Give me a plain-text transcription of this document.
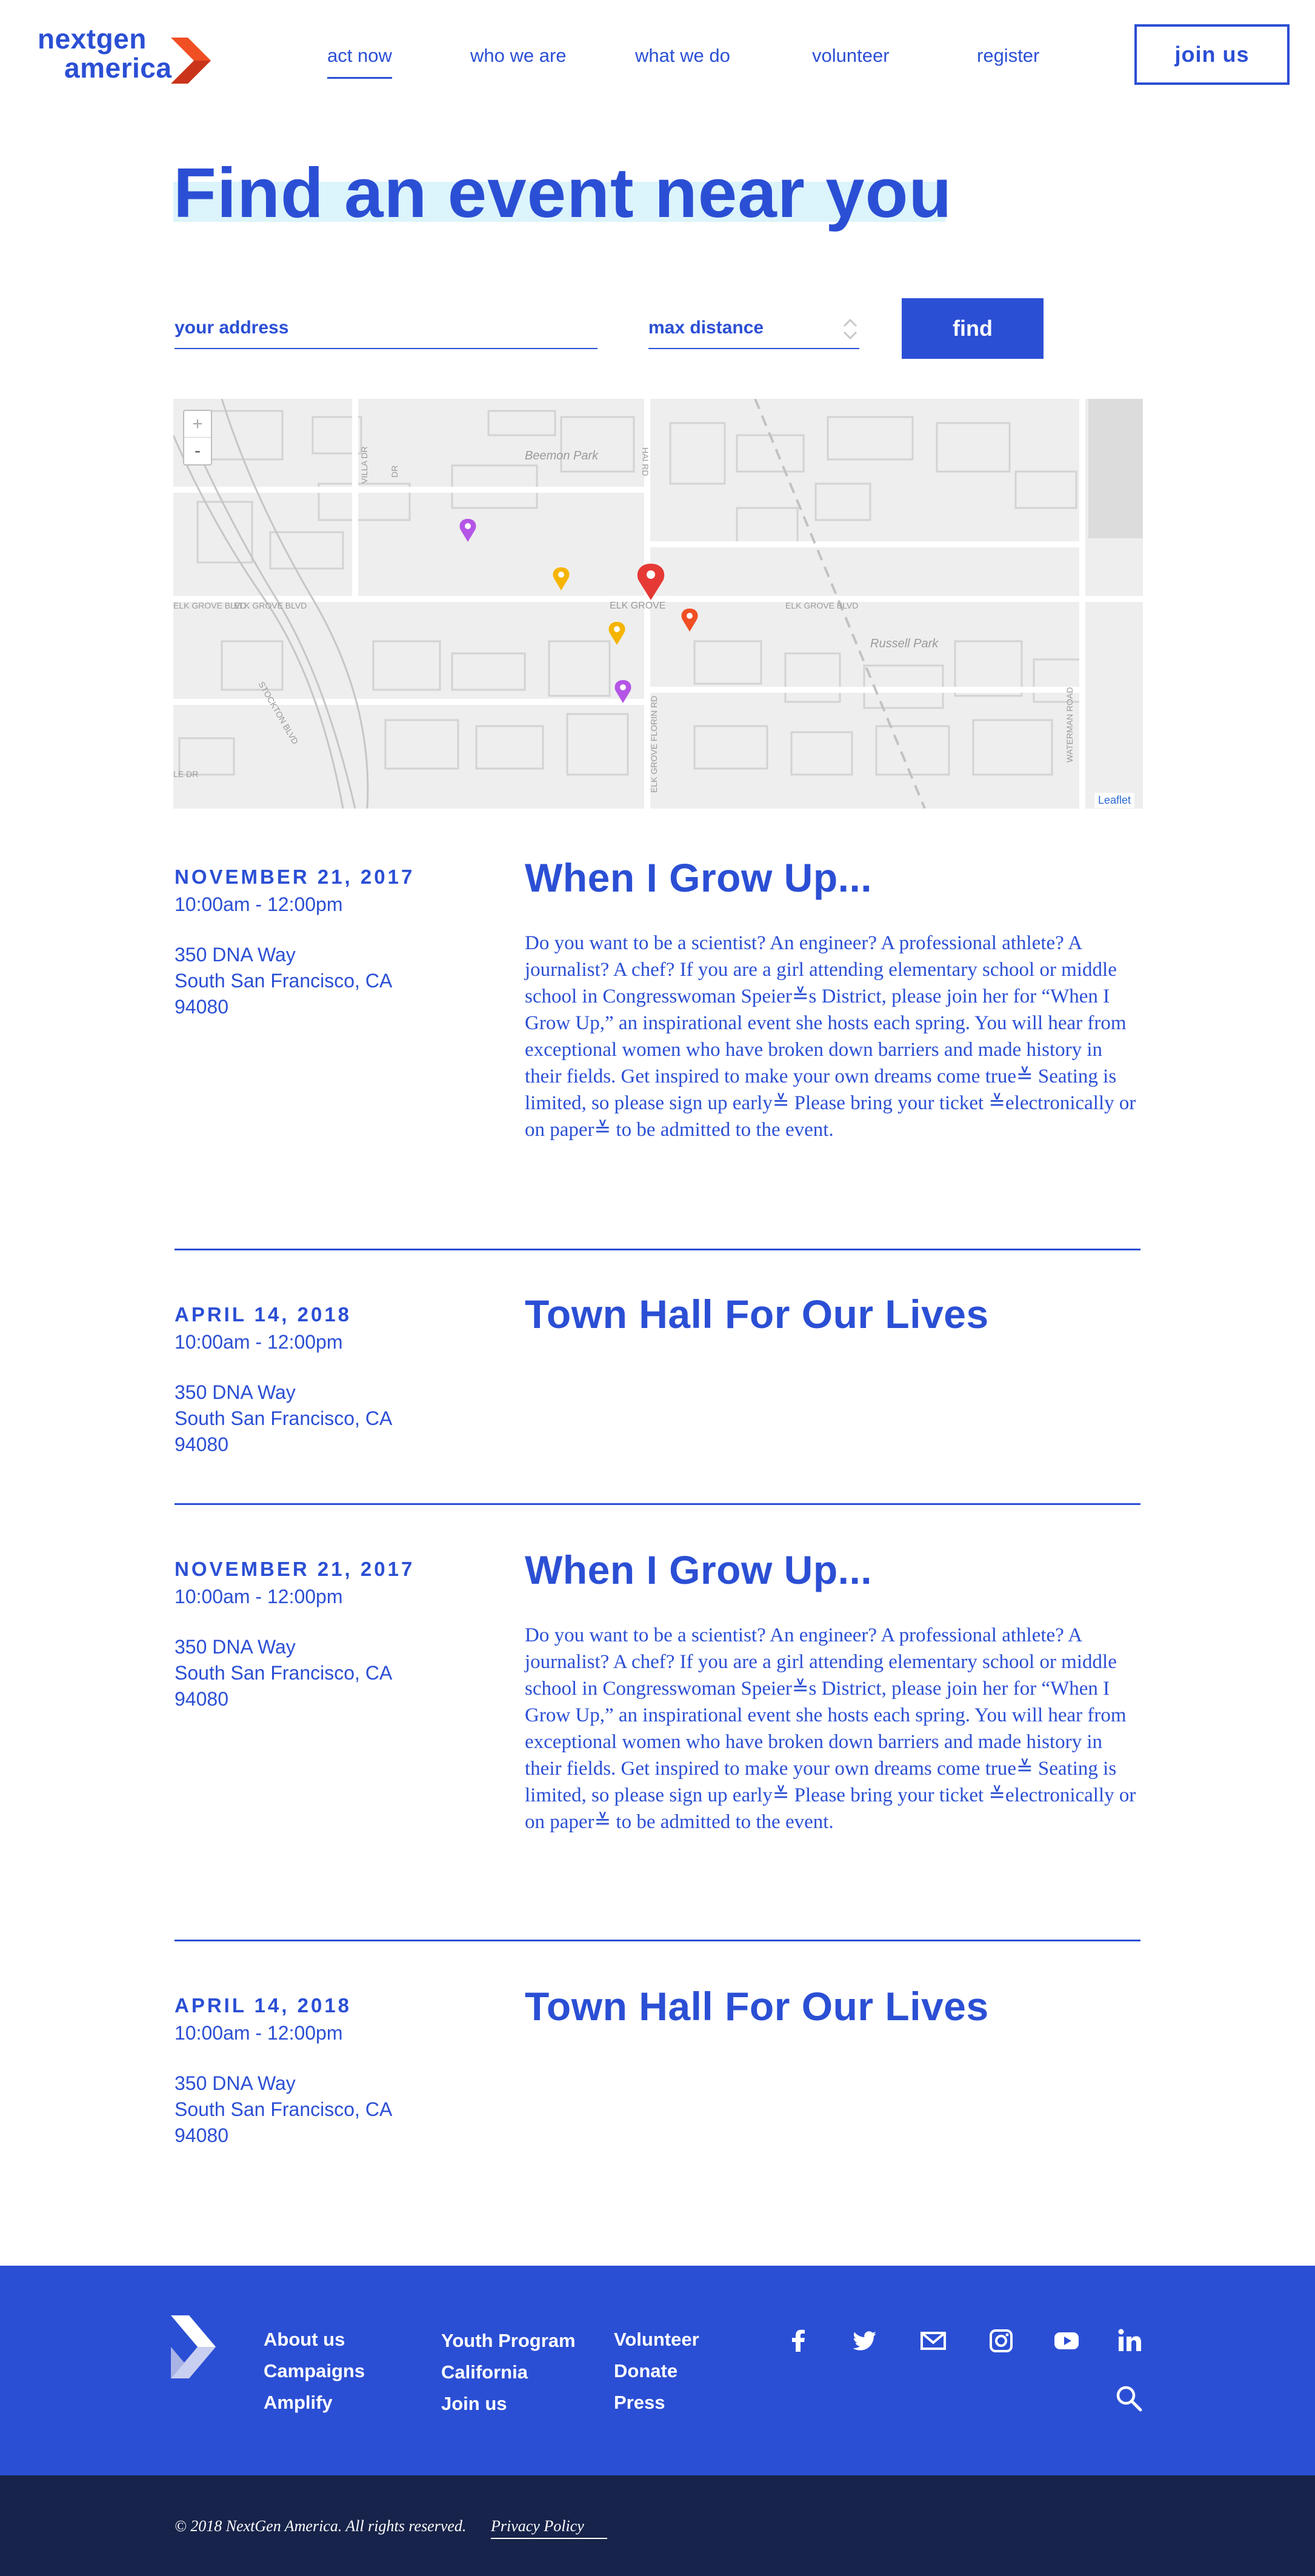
nextgen
america	act now	who we are	what we do	volunteer	register	join us
Find an event near you
your address
max distance	find
Beemon Park
Russell Park
ELK GROVE BLVD	ELK GROVE BLVD
ELK GROVE BLVD	ELK GROVE
ELK GROVE FLORIN RD	WATERMAN ROAD
STOCKTON BLVD
VILLA DR
LE DR
DR	HAI RD
+
-
Leaflet
NOVEMBER 21, 2017
10:00am - 12:00pm
350 DNA Way
South San Francisco, CA
94080
When I Grow Up...
Do you want to be a scientist? An engineer? A professional athlete? A journalist? A chef? If you are a girl attending elementary school or middle school in Congresswoman Speier≚s District, please join her for “When I Grow Up,” an inspirational event she hosts each spring. You will hear from exceptional women who have broken down barriers and made history in their fields. Get inspired to make your own dreams come true≚ Seating is limited, so please sign up early≚ Please bring your ticket ≚electronically or on paper≚ to be admitted to the event.
APRIL 14, 2018
10:00am - 12:00pm
350 DNA Way
South San Francisco, CA
94080
Town Hall For Our Lives
NOVEMBER 21, 2017
10:00am - 12:00pm
350 DNA Way
South San Francisco, CA
94080
When I Grow Up...
Do you want to be a scientist? An engineer? A professional athlete? A journalist? A chef? If you are a girl attending elementary school or middle school in Congresswoman Speier≚s District, please join her for “When I Grow Up,” an inspirational event she hosts each spring. You will hear from exceptional women who have broken down barriers and made history in their fields. Get inspired to make your own dreams come true≚ Seating is limited, so please sign up early≚ Please bring your ticket ≚electronically or on paper≚ to be admitted to the event.
APRIL 14, 2018
10:00am - 12:00pm
350 DNA Way
South San Francisco, CA
94080
Town Hall For Our Lives
About us
Campaigns
Amplify
Youth Program
California
Join us
Volunteer
Donate
Press
© 2018 NextGen America. All rights reserved. Privacy Policy
